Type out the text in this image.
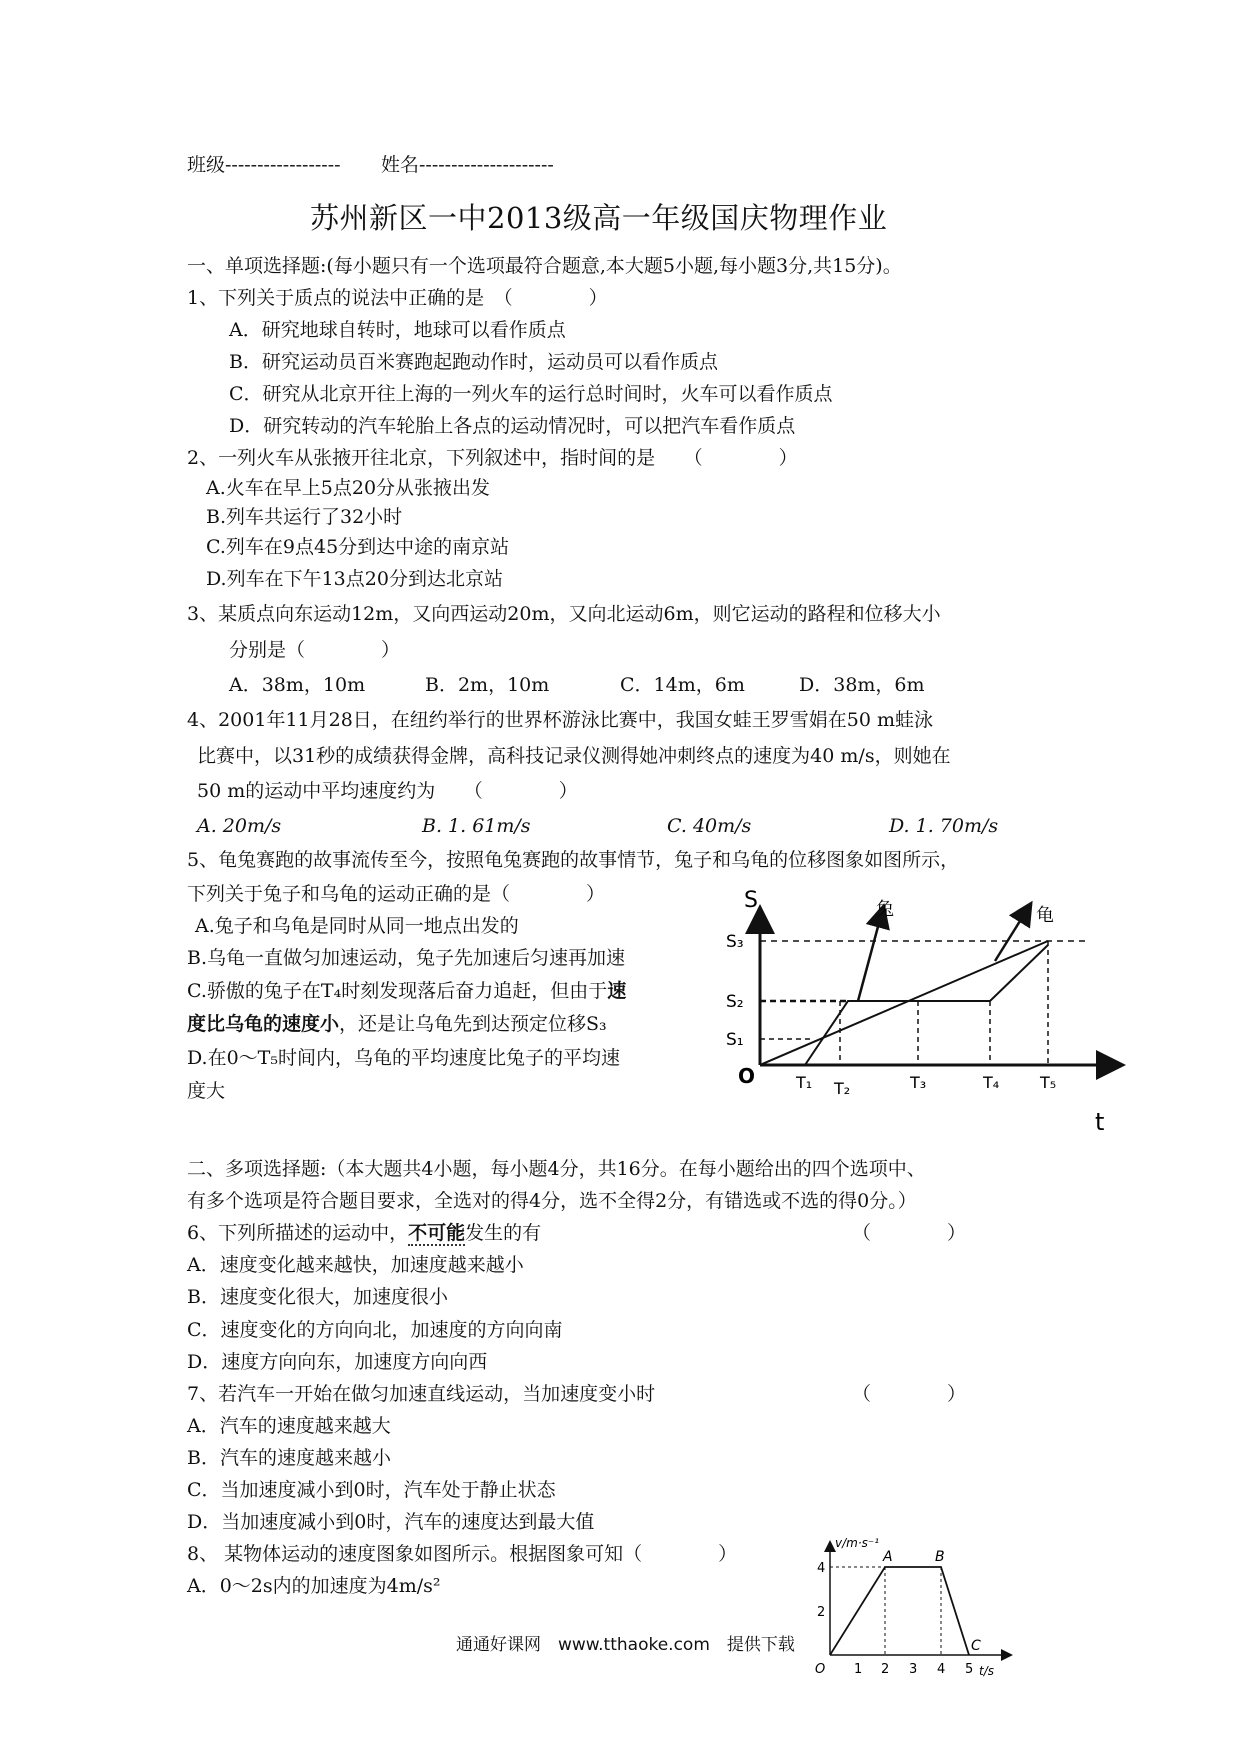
班级------------------ 姓名---------------------
苏州新区一中2013级高一年级国庆物理作业
一、单项选择题:(每小题只有一个选项最符合题意,本大题5小题,每小题3分,共15分)。
1、下列关于质点的说法中正确的是　（　　　　）
A．研究地球自转时，地球可以看作质点
B．研究运动员百米赛跑起跑动作时，运动员可以看作质点
C．研究从北京开往上海的一列火车的运行总时间时，火车可以看作质点
D．研究转动的汽车轮胎上各点的运动情况时，可以把汽车看作质点
2、一列火车从张掖开往北京，下列叙述中，指时间的是　　（　　　　）
A.火车在早上5点20分从张掖出发
B.列车共运行了32小时
C.列车在9点45分到达中途的南京站
D.列车在下午13点20分到达北京站
3、某质点向东运动12m，又向西运动20m，又向北运动6m，则它运动的路程和位移大小
分别是（　　　　）
A．38m，10m	B．2m，10m	C．14m，6m	D．38m，6m
4、2001年11月28日，在纽约举行的世界杯游泳比赛中，我国女蛙王罗雪娟在50 m蛙泳
比赛中，以31秒的成绩获得金牌，高科技记录仪测得她冲刺终点的速度为40 m/s，则她在
50 m的运动中平均速度约为　　（　　　　）
A. 20m/s	B. 1. 61m/s	C. 40m/s	D. 1. 70m/s
5、龟兔赛跑的故事流传至今，按照龟兔赛跑的故事情节，兔子和乌龟的位移图象如图所示，
下列关于兔子和乌龟的运动正确的是（　　　　）
A.兔子和乌龟是同时从同一地点出发的
B.乌龟一直做匀加速运动，兔子先加速后匀速再加速
C.骄傲的兔子在T₄时刻发现落后奋力追赶，但由于速
度比乌龟的速度小，还是让乌龟先到达预定位移S₃
D.在0～T₅时间内，乌龟的平均速度比兔子的平均速
度大
S
t
O
S₁
S₂
S₃
T₁ T₂	T₃	T₄	T₅
兔	龟
二、多项选择题:（本大题共4小题，每小题4分，共16分。在每小题给出的四个选项中、
有多个选项是符合题目要求，全选对的得4分，选不全得2分，有错选或不选的得0分。）
6、下列所描述的运动中，不可能发生的有	（　　　　）
A．速度变化越来越快，加速度越来越小
B．速度变化很大，加速度很小
C．速度变化的方向向北，加速度的方向向南
D．速度方向向东，加速度方向向西
7、若汽车一开始在做匀加速直线运动，当加速度变小时	（　　　　）
A．汽车的速度越来越大
B．汽车的速度越来越小
C．当加速度减小到0时，汽车处于静止状态
D．当加速度减小到0时，汽车的速度达到最大值
8、 某物体运动的速度图象如图所示。根据图象可知（　　　　）
A．0～2s内的加速度为4m/s²
v/m·s⁻¹
t/s
O
A	B
C
4
2
1 2 3 4 5
通通好课网　www.tthaoke.com　提供下载
